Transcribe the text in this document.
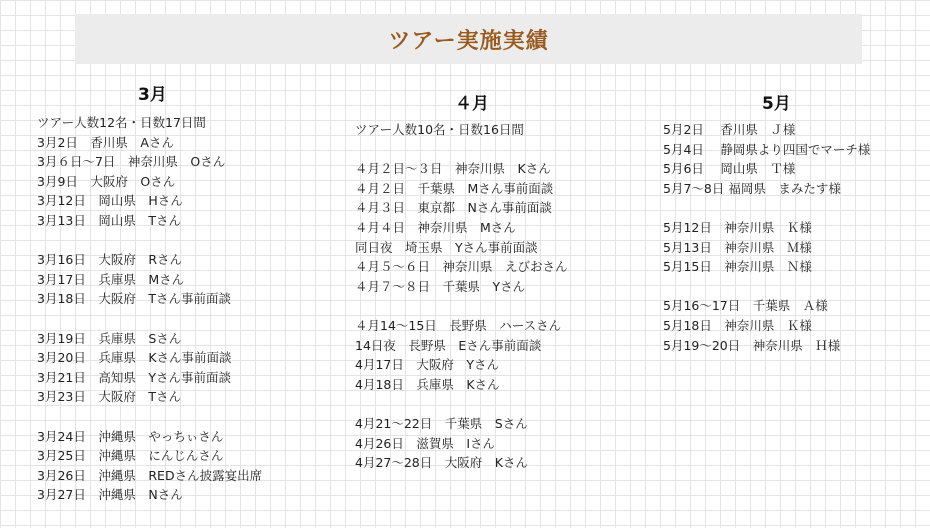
ツアー実施実績
3月
ツアー人数12名・日数17日間
3月2日　香川県　Aさん
3月６日～7日　神奈川県　Oさん
3月9日　大阪府　Oさん
3月12日　岡山県　Hさん
3月13日　岡山県　Tさん
3月16日　大阪府　Rさん
3月17日　兵庫県　Mさん
3月18日　大阪府　Tさん事前面談
3月19日　兵庫県　Sさん
3月20日　兵庫県　Kさん事前面談
3月21日　高知県　Yさん事前面談
3月23日　大阪府　Tさん
3月24日　沖縄県　やっちぃさん
3月25日　沖縄県　にんじんさん
3月26日　沖縄県　REDさん披露宴出席
3月27日　沖縄県　Nさん
４月
ツアー人数10名・日数16日間
４月２日～３日　神奈川県　Kさん
４月２日　千葉県　Mさん事前面談
４月３日　東京都　Nさん事前面談
４月４日　神奈川県　Mさん
同日夜　埼玉県　Yさん事前面談
４月５～６日　神奈川県　えびおさん
４月７～８日　千葉県　Yさん
４月14～15日　長野県　ハースさん
14日夜　長野県　Eさん事前面談
4月17日　大阪府　Yさん
4月18日　兵庫県　Kさん
4月21～22日　千葉県　Sさん
4月26日　滋賀県　Iさん
4月27～28日　大阪府　Kさん
5月
5月2日　 香川県　Ｊ様
5月4日　 静岡県より四国でマーチ様
5月6日　 岡山県　Ｔ様
5月7～8日 福岡県　まみたす様
5月12日　神奈川県　Ｋ様
5月13日　神奈川県　Ｍ様
5月15日　神奈川県　Ｎ様
5月16～17日　千葉県　Ａ様
5月18日　神奈川県　Ｋ様
5月19～20日　神奈川県　Ｈ様
